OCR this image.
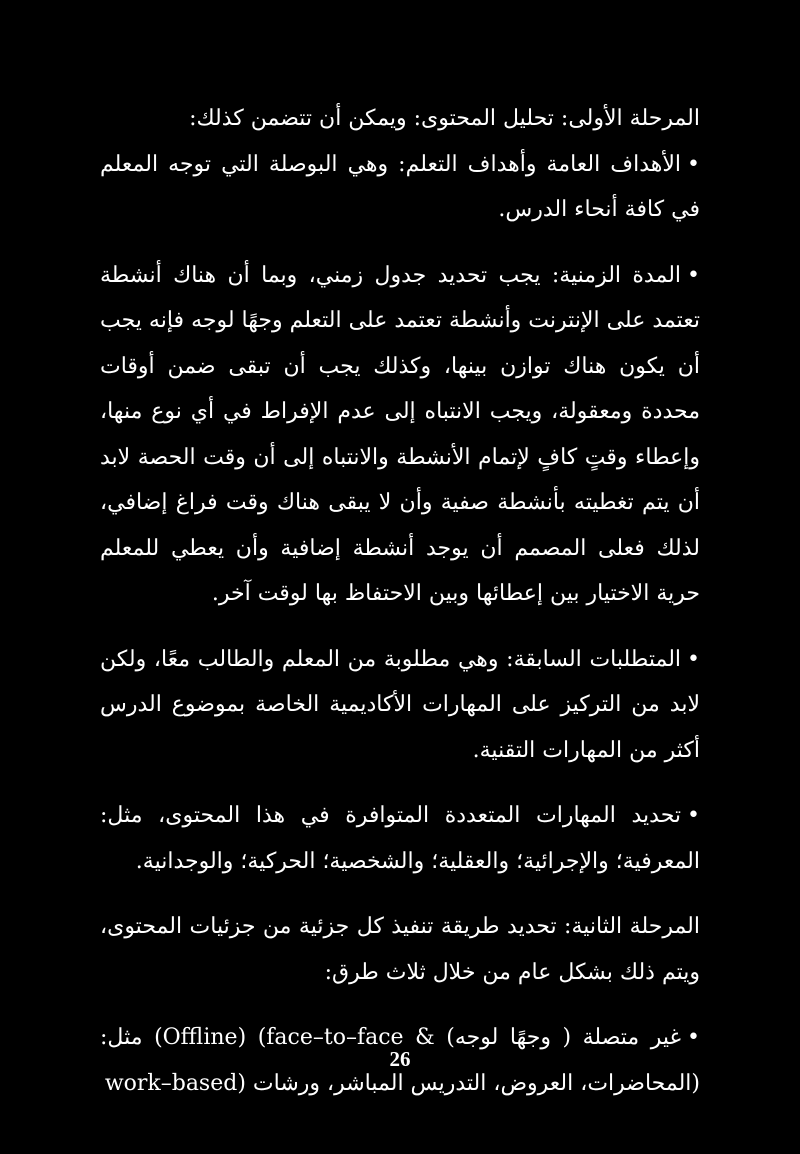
المرحلة الأولى: تحليل المحتوى: ويمكن أن تتضمن كذلك:

•الأهداف العامة وأهداف التعلم: وهي البوصلة التي توجه المعلم في كافة أنحاء الدرس.

•المدة الزمنية: يجب تحديد جدول زمني، وبما أن هناك أنشطة تعتمد على الإنترنت وأنشطة تعتمد على التعلم وجهًا لوجه فإنه يجب أن يكون هناك توازن بينها، وكذلك يجب أن تبقى ضمن أوقات محددة ومعقولة، ويجب الانتباه إلى عدم الإفراط في أي نوع منها، وإعطاء وقتٍ كافٍ لإتمام الأنشطة والانتباه إلى أن وقت الحصة لابد أن يتم تغطيته بأنشطة صفية وأن لا يبقى هناك وقت فراغ إضافي، لذلك فعلى المصمم أن يوجد أنشطة إضافية وأن يعطي للمعلم حرية الاختيار بين إعطائها وبين الاحتفاظ بها لوقت آخر.

•المتطلبات السابقة: وهي مطلوبة من المعلم والطالب معًا، ولكن لابد من التركيز على المهارات الأكاديمية الخاصة بموضوع الدرس أكثر من المهارات التقنية.

•تحديد المهارات المتعددة المتوافرة في هذا المحتوى، مثل: المعرفية؛ والإجرائية؛ والعقلية؛ والشخصية؛ الحركية؛ والوجدانية.

المرحلة الثانية: تحديد طريقة تنفيذ كل جزئية من جزئيات المحتوى، ويتم ذلك بشكل عام من خلال ثلاث طرق:

•غير متصلة ( وجهًا لوجه) (Offline) (face–to–face & مثل: (المحاضرات، العروض، التدريس المباشر، ورشات work–based)

26
